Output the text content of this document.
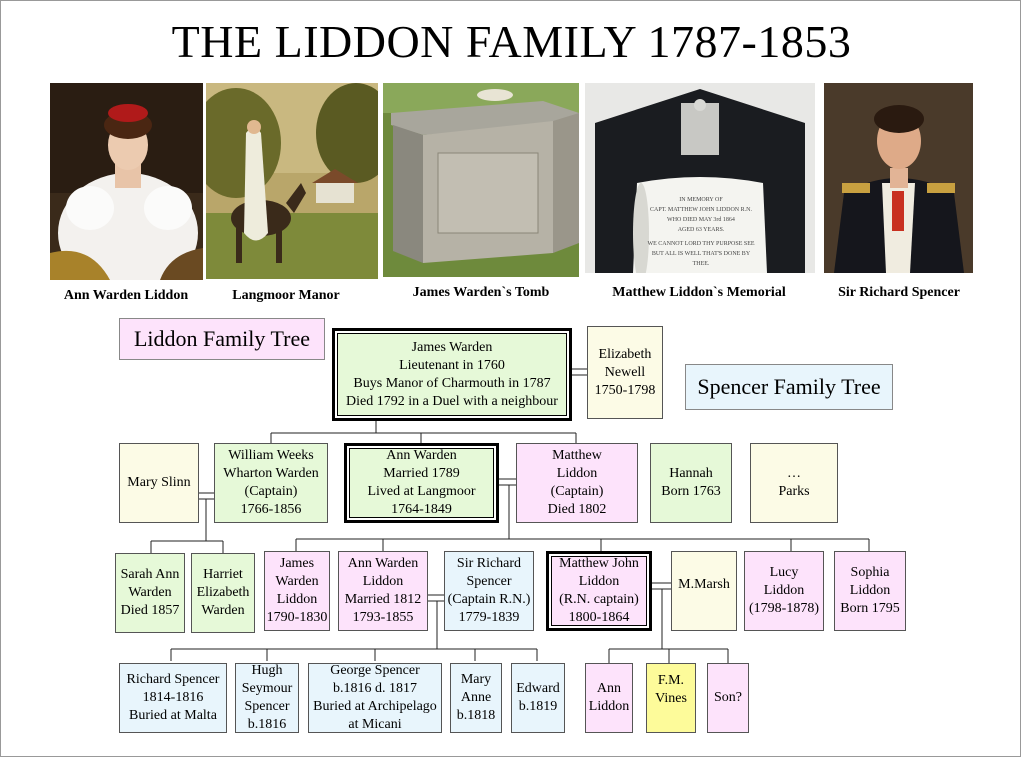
THE LIDDON FAMILY 1787-1853
Ann Warden Liddon	Langmoor Manor	James Warden`s Tomb
IN MEMORY OF
CAPT. MATTHEW JOHN LIDDON R.N.
WHO DIED MAY 3rd 1864
AGED 63 YEARS.
WE CANNOT LORD THY PURPOSE SEE
BUT ALL IS WELL THAT'S DONE BY THEE.
Matthew Liddon`s Memorial	Sir Richard Spencer
Liddon Family Tree
Spencer Family Tree
James Warden
Lieutenant in 1760
Buys Manor of Charmouth in 1787
Died 1792 in a Duel with a neighbour
Elizabeth
Newell
1750-1798
Mary Slinn
William Weeks
Wharton Warden
(Captain)
1766-1856
Ann Warden
Married 1789
Lived at Langmoor
1764-1849
Matthew
Liddon
(Captain)
Died 1802
Hannah
Born 1763
…
Parks
Sarah Ann
Warden
Died 1857
Harriet
Elizabeth
Warden
James
Warden
Liddon
1790-1830
Ann Warden
Liddon
Married 1812
1793-1855
Sir Richard
Spencer
(Captain R.N.)
1779-1839
Matthew John
Liddon
(R.N. captain)
1800-1864
M.Marsh
Lucy
Liddon
(1798-1878)
Sophia
Liddon
Born 1795
Richard Spencer
1814-1816
Buried at Malta
Hugh
Seymour
Spencer
b.1816
George Spencer
b.1816 d. 1817
Buried at Archipelago
at Micani
Mary
Anne
b.1818
Edward
b.1819
Ann
Liddon
F.M.
Vines	Son?
